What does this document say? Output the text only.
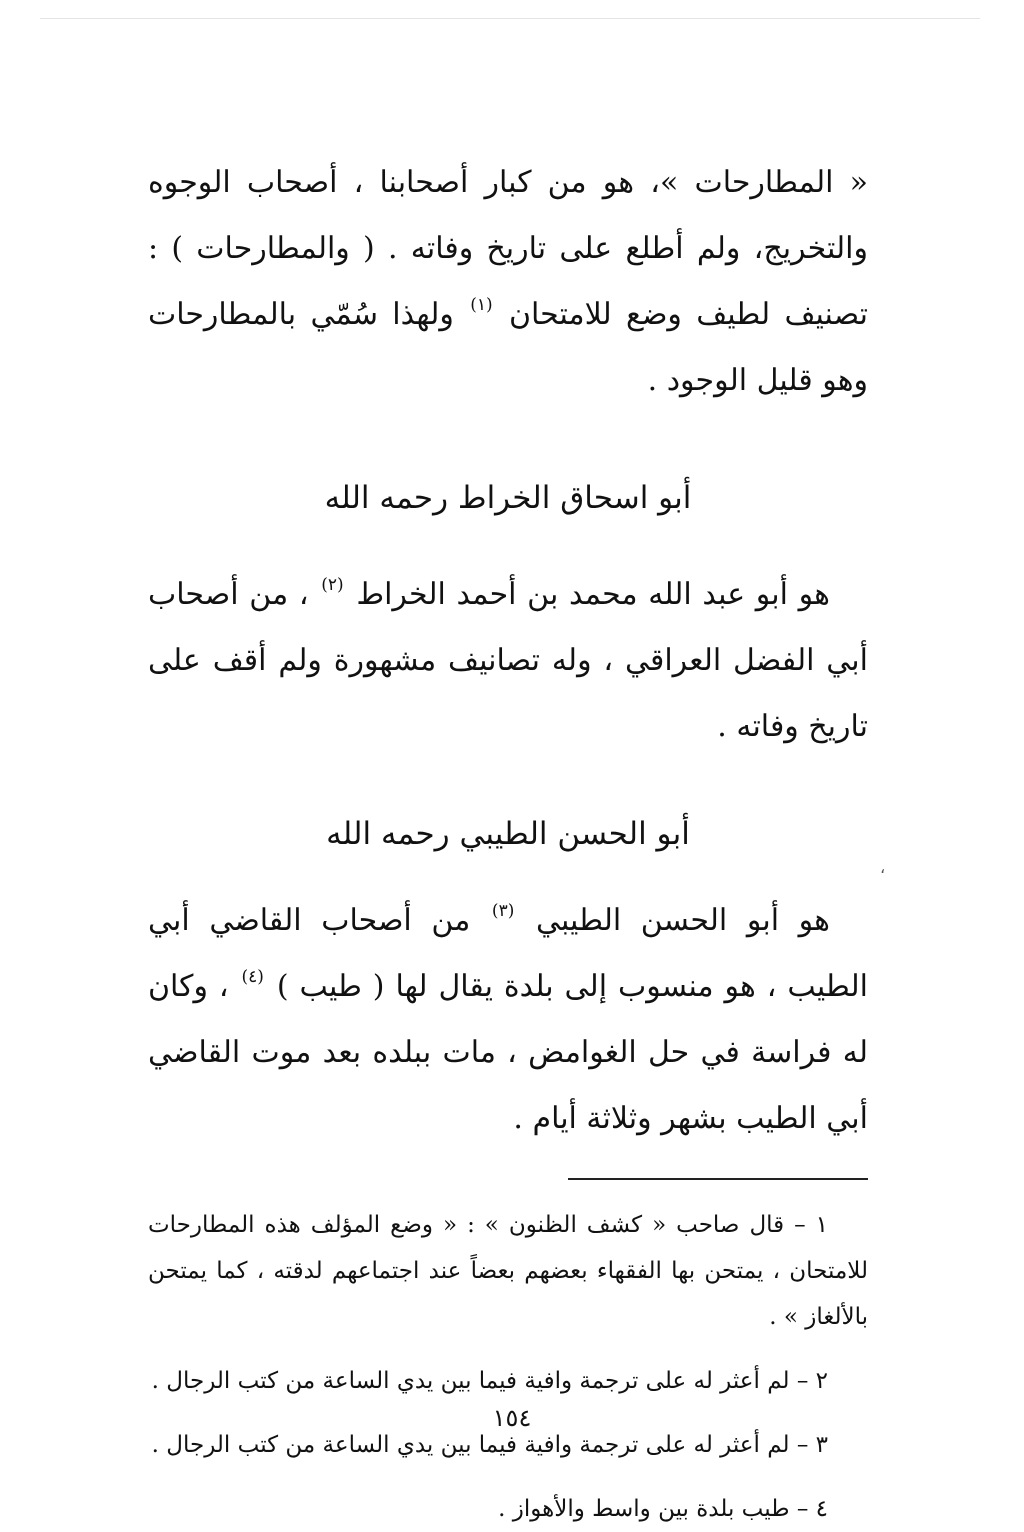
« المطارحات »، هو من كبار أصحابنا ، أصحاب الوجوه والتخريج، ولم أطلع على تاريخ وفاته . ( والمطارحات ) : تصنيف لطيف وضع للامتحان $^{(١)}$ ولهذا سُمّي بالمطارحات وهو قليل الوجود .

أبو اسحاق الخراط رحمه الله

هو أبو عبد الله محمد بن أحمد الخراط $^{(٢)}$ ، من أصحاب أبي الفضل العراقي ، وله تصانيف مشهورة ولم أقف على تاريخ وفاته .

أبو الحسن الطيبي رحمه الله

هو أبو الحسن الطيبي $^{(٣)}$ من أصحاب القاضي أبي الطيب ، هو منسوب إلى بلدة يقال لها ( طيب ) $^{(٤)}$ ، وكان له فراسة في حل الغوامض ، مات ببلده بعد موت القاضي أبي الطيب بشهر وثلاثة أيام .

١ – قال صاحب « كشف الظنون » : « وضع المؤلف هذه المطارحات للامتحان ، يمتحن بها الفقهاء بعضهم بعضاً عند اجتماعهم لدقته ، كما يمتحن بالألغاز » .

٢ – لم أعثر له على ترجمة وافية فيما بين يدي الساعة من كتب الرجال .

٣ – لم أعثر له على ترجمة وافية فيما بين يدي الساعة من كتب الرجال .

٤ – طيب بلدة بين واسط والأهواز .

،
١٥٤
